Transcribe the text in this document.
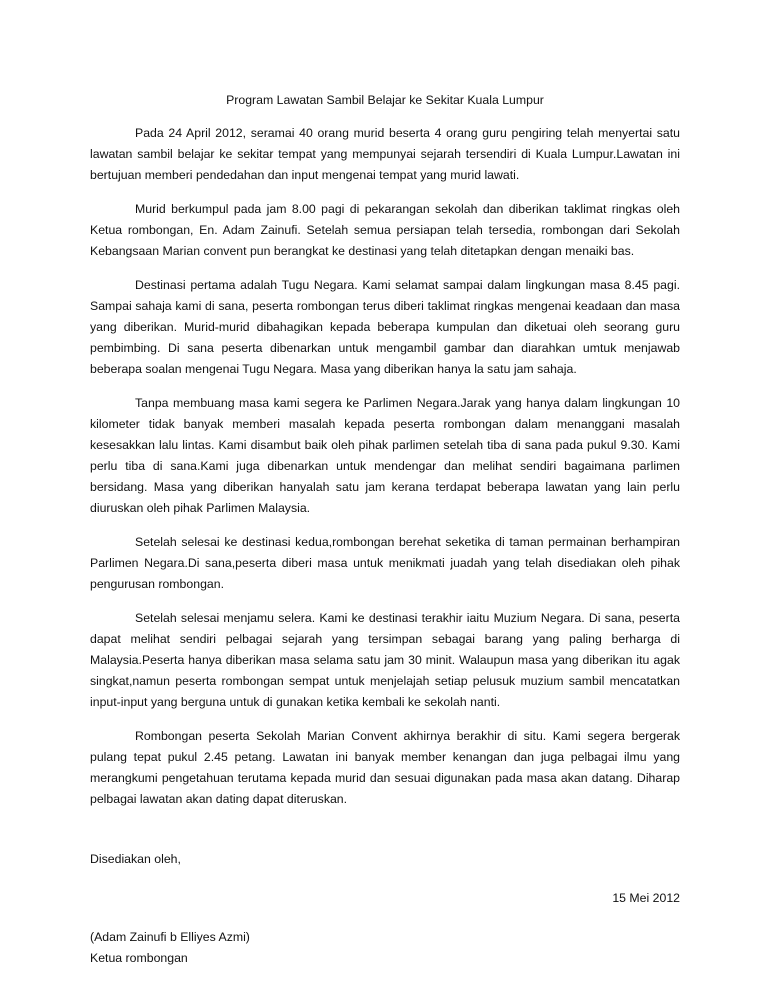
Program Lawatan Sambil Belajar ke Sekitar Kuala Lumpur

Pada 24 April 2012, seramai 40 orang murid beserta 4 orang guru pengiring telah menyertai satu lawatan sambil belajar ke sekitar tempat yang mempunyai sejarah tersendiri di Kuala Lumpur.Lawatan ini bertujuan memberi pendedahan dan input mengenai tempat yang murid lawati.

Murid berkumpul pada jam 8.00 pagi di pekarangan sekolah dan diberikan taklimat ringkas oleh Ketua rombongan, En. Adam Zainufi. Setelah semua persiapan telah tersedia, rombongan dari Sekolah Kebangsaan Marian convent pun berangkat ke destinasi yang telah ditetapkan dengan menaiki bas.

Destinasi pertama adalah Tugu Negara. Kami selamat sampai dalam lingkungan masa 8.45 pagi. Sampai sahaja kami di sana, peserta rombongan terus diberi taklimat ringkas mengenai keadaan dan masa yang diberikan. Murid-murid dibahagikan kepada beberapa kumpulan dan diketuai oleh seorang guru pembimbing. Di sana peserta dibenarkan untuk mengambil gambar dan diarahkan umtuk menjawab beberapa soalan mengenai Tugu Negara. Masa yang diberikan hanya la satu jam sahaja.

Tanpa membuang masa kami segera ke Parlimen Negara.Jarak yang hanya dalam lingkungan 10 kilometer tidak banyak memberi masalah kepada peserta rombongan dalam menanggani masalah kesesakkan lalu lintas. Kami disambut baik oleh pihak parlimen setelah tiba di sana pada pukul 9.30. Kami perlu tiba di sana.Kami juga dibenarkan untuk mendengar dan melihat sendiri bagaimana parlimen bersidang. Masa yang diberikan hanyalah satu jam kerana terdapat beberapa lawatan yang lain perlu diuruskan oleh pihak Parlimen Malaysia.

Setelah selesai ke destinasi kedua,rombongan berehat seketika di taman permainan berhampiran Parlimen Negara.Di sana,peserta diberi masa untuk menikmati juadah yang telah disediakan oleh pihak pengurusan rombongan.

Setelah selesai menjamu selera. Kami ke destinasi terakhir iaitu Muzium Negara. Di sana, peserta dapat melihat sendiri pelbagai sejarah yang tersimpan sebagai barang yang paling berharga di Malaysia.Peserta hanya diberikan masa selama satu jam 30 minit. Walaupun masa yang diberikan itu agak singkat,namun peserta rombongan sempat untuk menjelajah setiap pelusuk muzium sambil mencatatkan input-input yang berguna untuk di gunakan ketika kembali ke sekolah nanti.

Rombongan peserta Sekolah Marian Convent akhirnya berakhir di situ. Kami segera bergerak pulang tepat pukul 2.45 petang. Lawatan ini banyak member kenangan dan juga pelbagai ilmu yang merangkumi pengetahuan terutama kepada murid dan sesuai digunakan pada masa akan datang. Diharap pelbagai lawatan akan dating dapat diteruskan.

Disediakan oleh,

15 Mei 2012

(Adam Zainufi b Elliyes Azmi)

Ketua rombongan
